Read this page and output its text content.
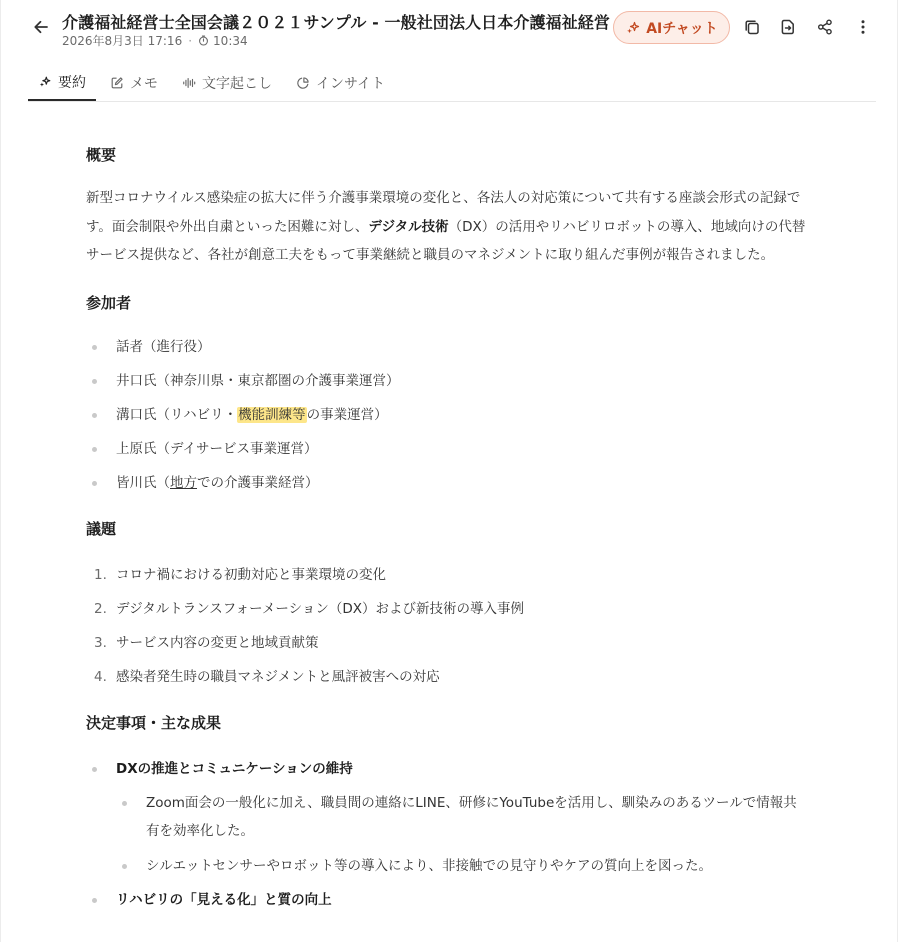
介護福祉経営士全国会議２０２１サンプル - 一般社団法人日本介護福祉経営
2026年8月3日 17:16 · 10:34
AIチャット
要約	メモ	文字起こし	インサイト
概要

新型コロナウイルス感染症の拡大に伴う介護事業環境の変化と、各法人の対応策について共有する座談会形式の記録です。面会制限や外出自粛といった困難に対し、デジタル技術（DX）の活用やリハビリロボットの導入、地域向けの代替サービス提供など、各社が創意工夫をもって事業継続と職員のマネジメントに取り組んだ事例が報告されました。

参加者
話者（進行役）
井口氏（神奈川県・東京都圏の介護事業運営）
溝口氏（リハビリ・機能訓練等の事業運営）
上原氏（デイサービス事業運営）
皆川氏（地方での介護事業経営）
議題
1. コロナ禍における初動対応と事業環境の変化
2. デジタルトランスフォーメーション（DX）および新技術の導入事例
3. サービス内容の変更と地域貢献策
4. 感染者発生時の職員マネジメントと風評被害への対応
決定事項・主な成果
DXの推進とコミュニケーションの維持
Zoom面会の一般化に加え、職員間の連絡にLINE、研修にYouTubeを活用し、馴染みのあるツールで情報共有を効率化した。
シルエットセンサーやロボット等の導入により、非接触での見守りやケアの質向上を図った。
リハビリの「見える化」と質の向上
